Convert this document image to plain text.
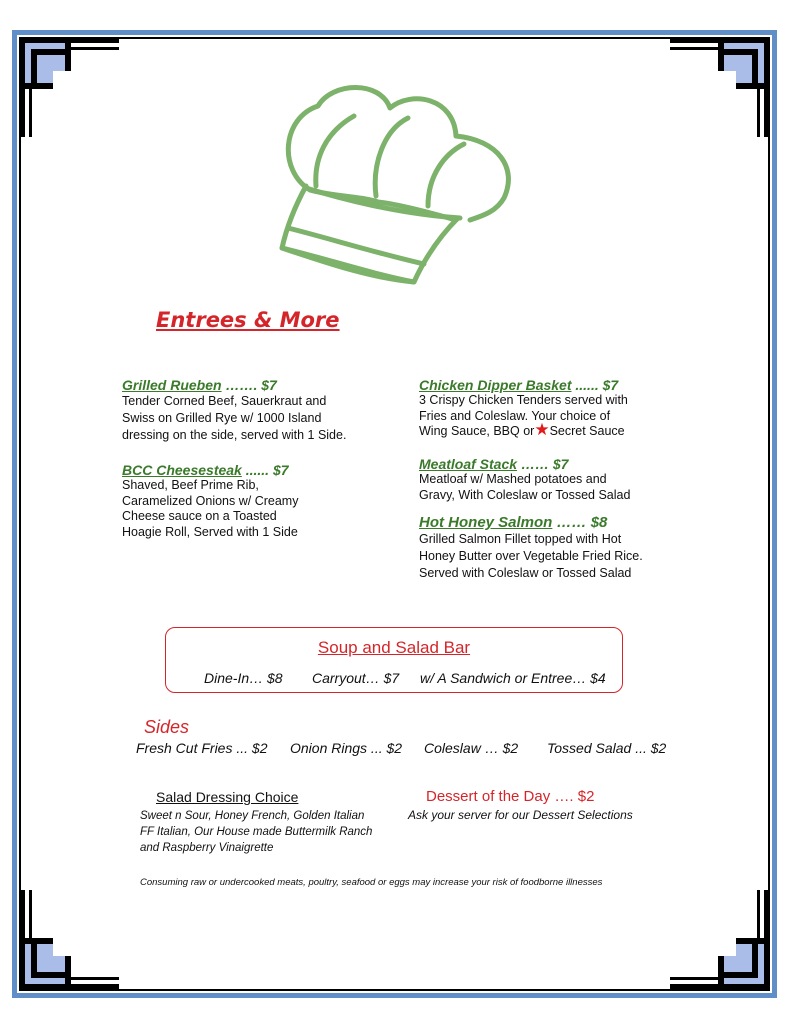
Entrees & More
Grilled Rueben ……. $7
Tender Corned Beef, Sauerkraut and
Swiss on Grilled Rye w/ 1000 Island
dressing on the side, served with 1 Side.
BCC Cheesesteak ...... $7
Shaved, Beef Prime Rib,
Caramelized Onions w/ Creamy
Cheese sauce on a Toasted
Hoagie Roll, Served with 1 Side
Chicken Dipper Basket ...... $7
3 Crispy Chicken Tenders served with
Fries and Coleslaw. Your choice of
Wing Sauce, BBQ or★Secret Sauce
Meatloaf Stack …… $7
Meatloaf w/ Mashed potatoes and
Gravy, With Coleslaw or Tossed Salad
Hot Honey Salmon …… $8
Grilled Salmon Fillet topped with Hot
Honey Butter over Vegetable Fried Rice.
Served with Coleslaw or Tossed Salad
Soup and Salad Bar
Dine-In… $8 Carryout… $7 w/ A Sandwich or Entree… $4
Sides
Fresh Cut Fries ... $2 Onion Rings ... $2 Coleslaw … $2 Tossed Salad ... $2
Salad Dressing Choice
Sweet n Sour, Honey French, Golden Italian
FF Italian, Our House made Buttermilk Ranch
and Raspberry Vinaigrette
Dessert of the Day …. $2
Ask your server for our Dessert Selections
Consuming raw or undercooked meats, poultry, seafood or eggs may increase your risk of foodborne illnesses
